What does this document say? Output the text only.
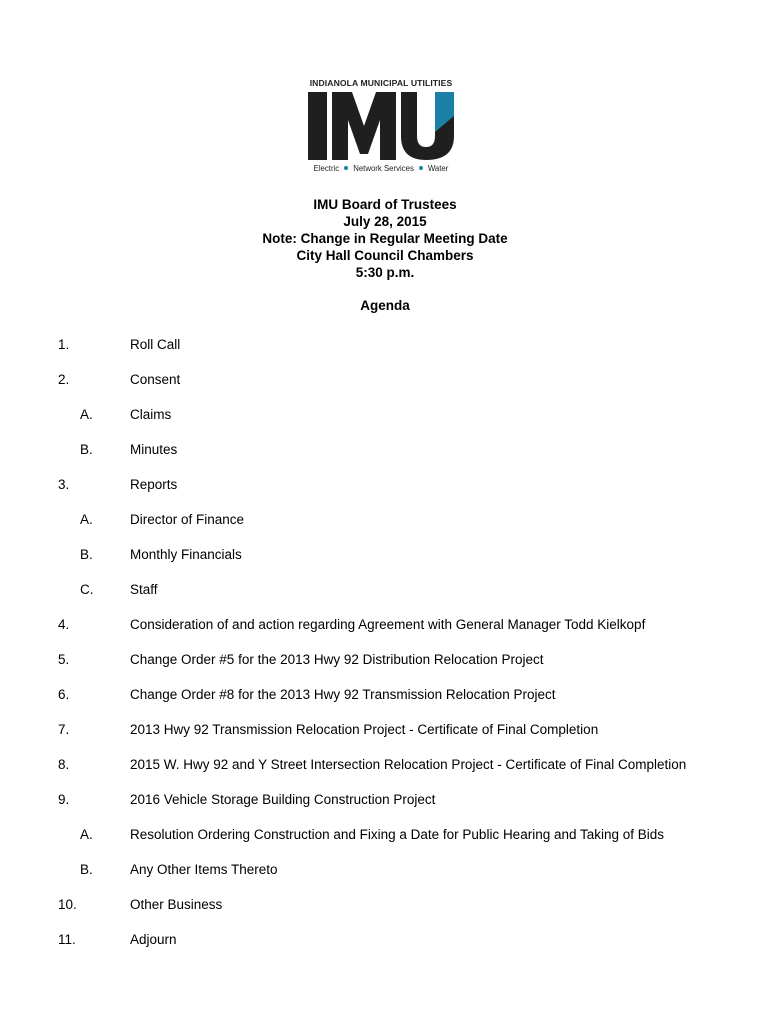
INDIANOLA MUNICIPAL UTILITIES
Electric Network Services Water
IMU Board of Trustees
July 28, 2015
Note: Change in Regular Meeting Date
City Hall Council Chambers
5:30 p.m.
Agenda
1.	Roll Call
2.	Consent
A.	Claims
B.	Minutes
3.	Reports
A.	Director of Finance
B.	Monthly Financials
C.	Staff
4.	Consideration of and action regarding Agreement with General Manager Todd Kielkopf
5.	Change Order #5 for the 2013 Hwy 92 Distribution Relocation Project
6.	Change Order #8 for the 2013 Hwy 92 Transmission Relocation Project
7.	2013 Hwy 92 Transmission Relocation Project - Certificate of Final Completion
8.	2015 W. Hwy 92 and Y Street Intersection Relocation Project - Certificate of Final Completion
9.	2016 Vehicle Storage Building Construction Project
A.	Resolution Ordering Construction and Fixing a Date for Public Hearing and Taking of Bids
B.	Any Other Items Thereto
10.	Other Business
11.	Adjourn
